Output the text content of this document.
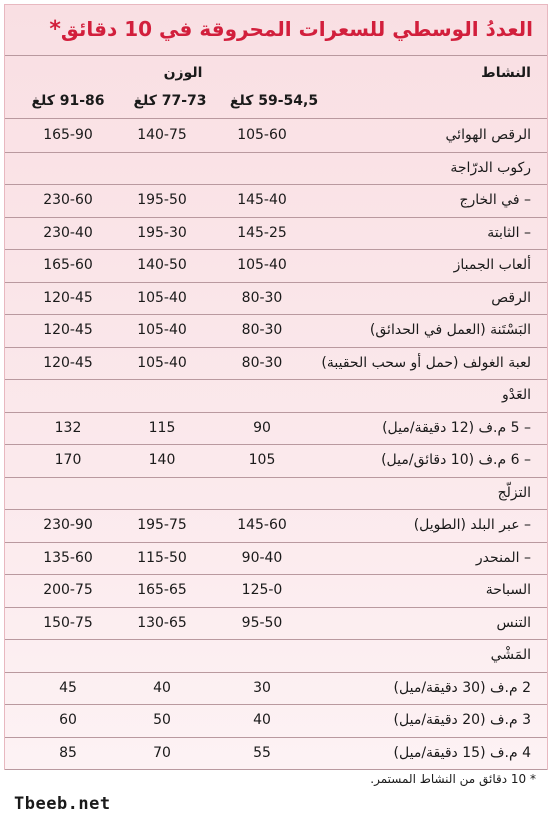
العددُ الوسطي للسعرات المحروقة في 10 دقائق*
النشاط
الوزن
59-54,5 كلغ
77-73 كلغ
91-86 كلغ
الرقص الهوائي
105-60
140-75
165-90
ركوب الدرّاجة
– في الخارج
145-40
195-50
230-60
– الثابتة
145-25
195-30
230-40
ألعاب الجمباز
105-40
140-50
165-60
الرقص
80-30
105-40
120-45
البَسْتَنة (العمل في الحدائق)
80-30
105-40
120-45
لعبة الغولف (حمل أو سحب الحقيبة)
80-30
105-40
120-45
العَدْو
– 5 م.ف (12 دقيقة/ميل)
90
115
132
– 6 م.ف (10 دقائق/ميل)
105
140
170
التزلّج
– عبر البلد (الطويل)
145-60
195-75
230-90
– المنحدر
90-40
115-50
135-60
السباحة
125-0
165-65
200-75
التنس
95-50
130-65
150-75
المَشْي
2 م.ف (30 دقيقة/ميل)
30
40
45
3 م.ف (20 دقيقة/ميل)
40
50
60
4 م.ف (15 دقيقة/ميل)
55
70
85
* 10 دقائق من النشاط المستمر.
Tbeeb.net
